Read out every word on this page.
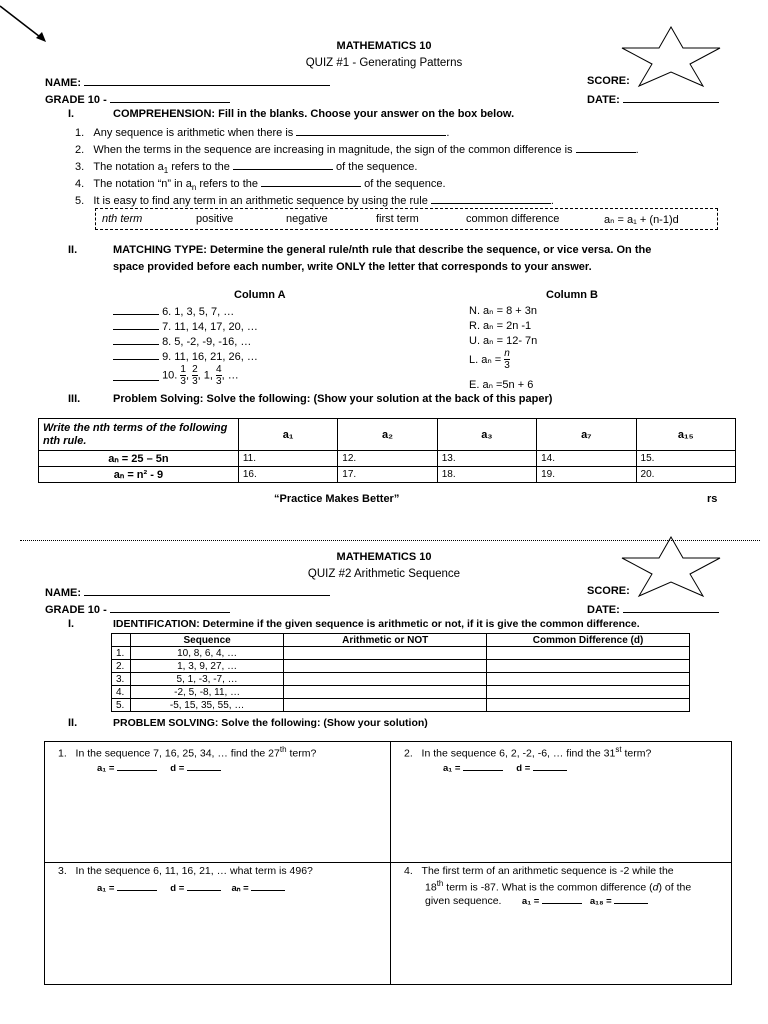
MATHEMATICS 10
QUIZ #1 - Generating Patterns
NAME:	SCORE:
GRADE 10 -	DATE:
I.	COMPREHENSION: Fill in the blanks. Choose your answer on the box below.
1. Any sequence is arithmetic when there is	.
2. When the terms in the sequence are increasing in magnitude, the sign of the common difference is	.
3. The notation $a_1$ refers to the	of the sequence.
4. The notation “n” in $a_n$ refers to the	of the sequence.
5. It is easy to find any term in an arithmetic sequence by using the rule	.
nth term	positive	negative	first term	common difference	aₙ = a₁ + (n-1)d
II.	MATCHING TYPE: Determine the general rule/nth rule that describe the sequence, or vice versa. On the
space provided before each number, write ONLY the letter that corresponds to your answer.
Column A	Column B
6. 1, 3, 5, 7, …
7. 11, 14, 17, 20, …
8. 5, -2, -9, -16, …
9. 11, 16, 21, 26, …
10. $\frac{1}{3}$ , $\frac{2}{3}$ , 1, $\frac{4}{3}$ , …
N. aₙ = 8 + 3n
R. aₙ = 2n -1
U. aₙ = 12- 7n
L. $a_n = \frac{n}{3}$
E. aₙ =5n + 6
III.	Problem Solving: Solve the following: (Show your solution at the back of this paper)
Write the nth terms of the following nth rule.	a₁	a₂	a₃	a₇	a₁₅
aₙ = 25 – 5n	11.	12.	13.	14.	15.
aₙ = n² - 9	16.	17.	18.	19.	20.
“Practice Makes Better”	rs
MATHEMATICS 10
QUIZ #2 Arithmetic Sequence
NAME:	SCORE:
GRADE 10 -	DATE:
I.	IDENTIFICATION: Determine if the given sequence is arithmetic or not, if it is give the common difference.
	Sequence	Arithmetic or NOT	Common Difference (d)
1.	10, 8, 6, 4, …		
2.	1, 3, 9, 27, …		
3.	5, 1, -3, -7, …		
4.	-2, 5, -8, 11, …		
5.	-5, 15, 35, 55, …		
II.	PROBLEM SOLVING: Solve the following: (Show your solution)
1. In the sequence 7, 16, 25, 34, … find the 27th term?
a₁ =	d =
2. In the sequence 6, 2, -2, -6, … find the 31st term?
a₁ =	d =
3. In the sequence 6, 11, 16, 21, … what term is 496?
a₁ =	d =	aₙ =
4. The first term of an arithmetic sequence is -2 while the
18th term is -87. What is the common difference (d) of the
given sequence. a₁ =	a₁₈ =
